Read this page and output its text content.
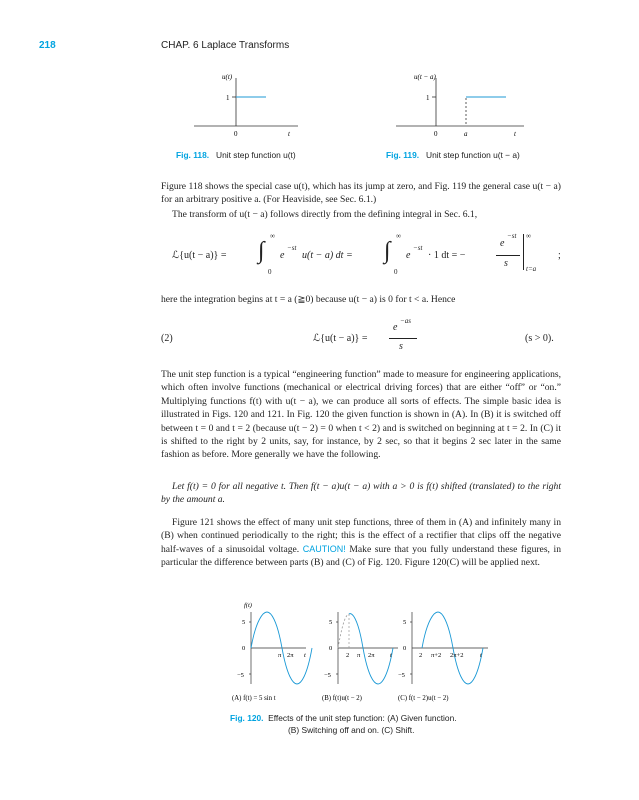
218	CHAP. 6 Laplace Transforms
u(t)
1
0	t
Fig. 118. Unit step function u(t)
u(t − a)
1
0	a	t
Fig. 119. Unit step function u(t − a)
Figure 118 shows the special case u(t), which has its jump at zero, and Fig. 119 the general case u(t − a) for an arbitrary positive a. (For Heaviside, see Sec. 6.1.)
The transform of u(t − a) follows directly from the defining integral in Sec. 6.1,
ℒ{u(t − a)} = ∫
∞
0
e
−st
u(t − a) dt = ∫
∞
0
e
−st
· 1 dt = −
e
−st
s
∞
t=a
;
here the integration begins at t = a (≧0) because u(t − a) is 0 for t < a. Hence
(2)	ℒ{u(t − a)} =
e
−as
s
(s > 0).
The unit step function is a typical “engineering function” made to measure for engineering applications, which often involve functions (mechanical or electrical driving forces) that are either “off” or “on.” Multiplying functions f(t) with u(t − a), we can produce all sorts of effects. The simple basic idea is illustrated in Figs. 120 and 121. In Fig. 120 the given function is shown in (A). In (B) it is switched off between t = 0 and t = 2 (because u(t − 2) = 0 when t < 2) and is switched on beginning at t = 2. In (C) it is shifted to the right by 2 units, say, for instance, by 2 sec, so that it begins 2 sec later in the same fashion as before. More generally we have the following.
Let f(t) = 0 for all negative t. Then f(t − a)u(t − a) with a > 0 is f(t) shifted (translated) to the right by the amount a.
Figure 121 shows the effect of many unit step functions, three of them in (A) and infinitely many in (B) when continued periodically to the right; this is the effect of a rectifier that clips off the negative half-waves of a sinusoidal voltage. CAUTION! Make sure that you fully understand these figures, in particular the difference between parts (B) and (C) of Fig. 120. Figure 120(C) will be applied next.
f(t)
5
0
−5
π 2π t
5
0
−5
2 π 2π t
5
0
−5
2 π+2 2π+2	t
(A) f(t) = 5 sin t	(B) f(t)u(t − 2)	(C) f(t − 2)u(t − 2)
Fig. 120. Effects of the unit step function: (A) Given function.
(B) Switching off and on. (C) Shift.
